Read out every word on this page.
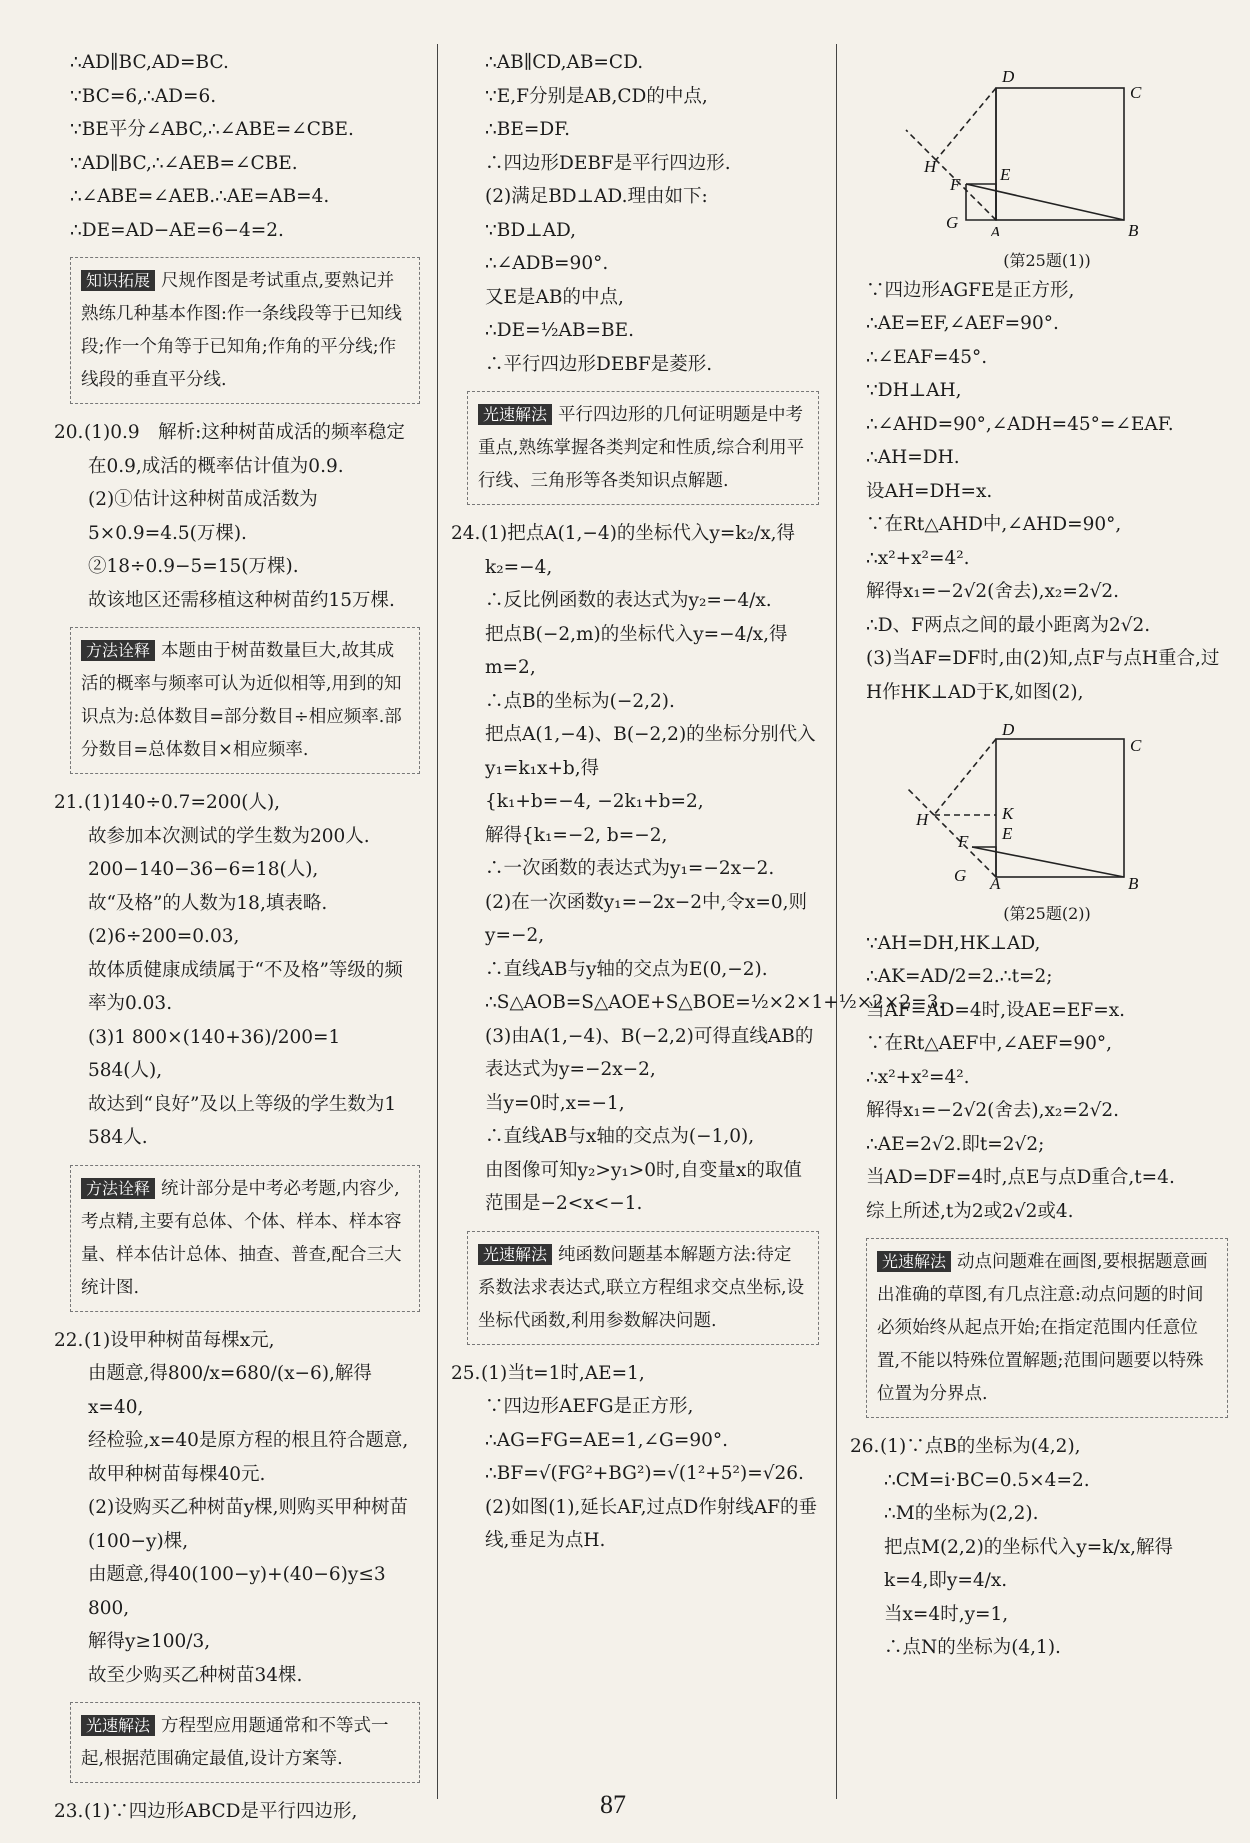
∴AD∥BC,AD=BC.
∵BC=6,∴AD=6.
∵BE平分∠ABC,∴∠ABE=∠CBE.
∵AD∥BC,∴∠AEB=∠CBE.
∴∠ABE=∠AEB.∴AE=AB=4.
∴DE=AD−AE=6−4=2.
知识拓展 尺规作图是考试重点,要熟记并熟练几种基本作图:作一条线段等于已知线段;作一个角等于已知角;作角的平分线;作线段的垂直平分线.
20.(1)0.9　解析:这种树苗成活的频率稳定在0.9,成活的概率估计值为0.9.
(2)①估计这种树苗成活数为5×0.9=4.5(万棵).
②18÷0.9−5=15(万棵).
故该地区还需移植这种树苗约15万棵.
方法诠释 本题由于树苗数量巨大,故其成活的概率与频率可认为近似相等,用到的知识点为:总体数目=部分数目÷相应频率.部分数目=总体数目×相应频率.
21.(1)140÷0.7=200(人),
故参加本次测试的学生数为200人.
200−140−36−6=18(人),
故“及格”的人数为18,填表略.
(2)6÷200=0.03,
故体质健康成绩属于“不及格”等级的频率为0.03.
(3)1 800×(140+36)/200=1 584(人),
故达到“良好”及以上等级的学生数为1 584人.
方法诠释 统计部分是中考必考题,内容少,考点精,主要有总体、个体、样本、样本容量、样本估计总体、抽查、普查,配合三大统计图.
22.(1)设甲种树苗每棵x元,
由题意,得800/x=680/(x−6),解得x=40,
经检验,x=40是原方程的根且符合题意,
故甲种树苗每棵40元.
(2)设购买乙种树苗y棵,则购买甲种树苗(100−y)棵,
由题意,得40(100−y)+(40−6)y≤3 800,
解得y≥100/3,
故至少购买乙种树苗34棵.
光速解法 方程型应用题通常和不等式一起,根据范围确定最值,设计方案等.
23.(1)∵四边形ABCD是平行四边形,
∴AB∥CD,AB=CD.
∵E,F分别是AB,CD的中点,
∴BE=DF.
∴四边形DEBF是平行四边形.
(2)满足BD⊥AD.理由如下:
∵BD⊥AD,
∴∠ADB=90°.
又E是AB的中点,
∴DE=½AB=BE.
∴平行四边形DEBF是菱形.
光速解法 平行四边形的几何证明题是中考重点,熟练掌握各类判定和性质,综合利用平行线、三角形等各类知识点解题.
24.(1)把点A(1,−4)的坐标代入y=k₂/x,得k₂=−4,
∴反比例函数的表达式为y₂=−4/x.
把点B(−2,m)的坐标代入y=−4/x,得m=2,
∴点B的坐标为(−2,2).
把点A(1,−4)、B(−2,2)的坐标分别代入y₁=k₁x+b,得
{k₁+b=−4, −2k₁+b=2,
解得{k₁=−2, b=−2,
∴一次函数的表达式为y₁=−2x−2.
(2)在一次函数y₁=−2x−2中,令x=0,则y=−2,
∴直线AB与y轴的交点为E(0,−2).
∴S△AOB=S△AOE+S△BOE=½×2×1+½×2×2=3.
(3)由A(1,−4)、B(−2,2)可得直线AB的表达式为y=−2x−2,
当y=0时,x=−1,
∴直线AB与x轴的交点为(−1,0),
由图像可知y₂>y₁>0时,自变量x的取值范围是−2<x<−1.
光速解法 纯函数问题基本解题方法:待定系数法求表达式,联立方程组求交点坐标,设坐标代函数,利用参数解决问题.
25.(1)当t=1时,AE=1,
∵四边形AEFG是正方形,
∴AG=FG=AE=1,∠G=90°.
∴BF=√(FG²+BG²)=√(1²+5²)=√26.
(2)如图(1),延长AF,过点D作射线AF的垂线,垂足为点H.
D
C
H
F
E
G
A	B
(第25题(1))
∵四边形AGFE是正方形,
∴AE=EF,∠AEF=90°.
∴∠EAF=45°.
∵DH⊥AH,
∴∠AHD=90°,∠ADH=45°=∠EAF.
∴AH=DH.
设AH=DH=x.
∵在Rt△AHD中,∠AHD=90°,
∴x²+x²=4².
解得x₁=−2√2(舍去),x₂=2√2.
∴D、F两点之间的最小距离为2√2.
(3)当AF=DF时,由(2)知,点F与点H重合,过H作HK⊥AD于K,如图(2),
D
C
H	K
F E
G A	B
(第25题(2))
∵AH=DH,HK⊥AD,
∴AK=AD/2=2.∴t=2;
当AF=AD=4时,设AE=EF=x.
∵在Rt△AEF中,∠AEF=90°,
∴x²+x²=4².
解得x₁=−2√2(舍去),x₂=2√2.
∴AE=2√2.即t=2√2;
当AD=DF=4时,点E与点D重合,t=4.
综上所述,t为2或2√2或4.
光速解法 动点问题难在画图,要根据题意画出准确的草图,有几点注意:动点问题的时间必须始终从起点开始;在指定范围内任意位置,不能以特殊位置解题;范围问题要以特殊位置为分界点.
26.(1)∵点B的坐标为(4,2),
∴CM=i·BC=0.5×4=2.
∴M的坐标为(2,2).
把点M(2,2)的坐标代入y=k/x,解得
k=4,即y=4/x.
当x=4时,y=1,
∴点N的坐标为(4,1).
87
